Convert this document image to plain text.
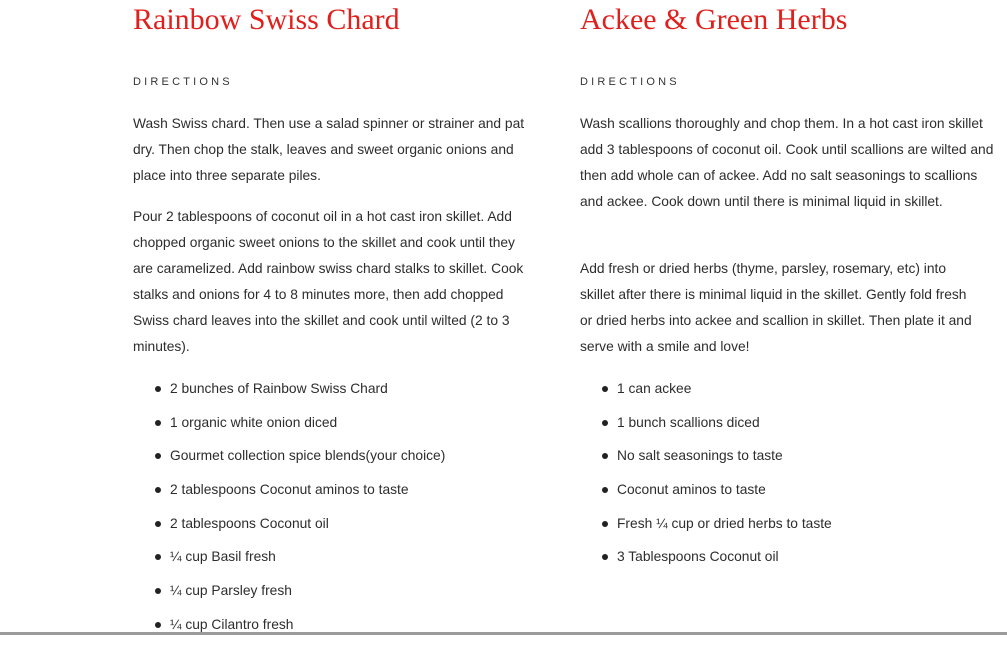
Rainbow Swiss Chard
DIRECTIONS

Wash Swiss chard. Then use a salad spinner or strainer and pat dry. Then chop the stalk, leaves and sweet organic onions and place into three separate piles.

Pour 2 tablespoons of coconut oil in a hot cast iron skillet. Add chopped organic sweet onions to the skillet and cook until they are caramelized. Add rainbow swiss chard stalks to skillet. Cook stalks and onions for 4 to 8 minutes more, then add chopped Swiss chard leaves into the skillet and cook until wilted (2 to 3 minutes).

2 bunches of Rainbow Swiss Chard
1 organic white onion diced
Gourmet collection spice blends(your choice)
2 tablespoons Coconut aminos to taste
2 tablespoons Coconut oil
¼ cup Basil fresh
¼ cup Parsley fresh
¼ cup Cilantro fresh
Ackee & Green Herbs
DIRECTIONS

Wash scallions thoroughly and chop them. In a hot cast iron skillet add 3 tablespoons of coconut oil. Cook until scallions are wilted and then add whole can of ackee. Add no salt seasonings to scallions and ackee. Cook down until there is minimal liquid in skillet.

Add fresh or dried herbs (thyme, parsley, rosemary, etc) into skillet after there is minimal liquid in the skillet. Gently fold fresh or dried herbs into ackee and scallion in skillet. Then plate it and serve with a smile and love!

1 can ackee
1 bunch scallions diced
No salt seasonings to taste
Coconut aminos to taste
Fresh ¼ cup or dried herbs to taste
3 Tablespoons Coconut oil
